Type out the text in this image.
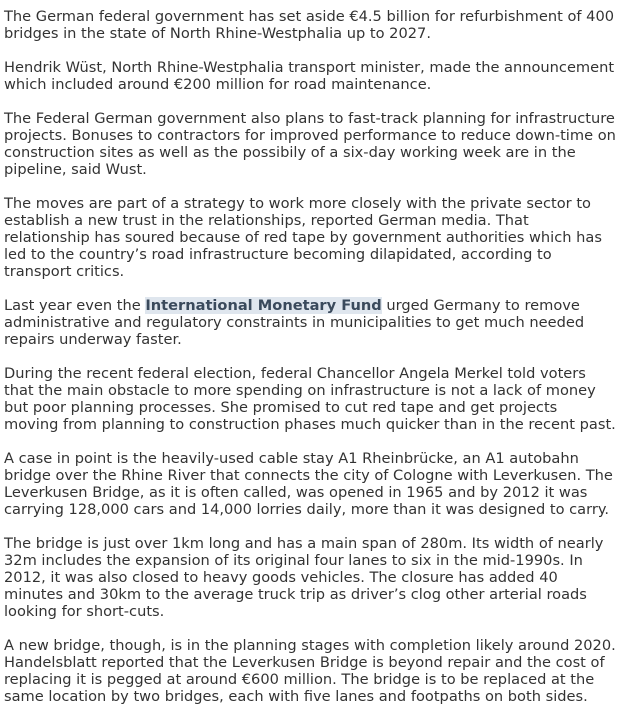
The German federal government has set aside €4.5 billion for refurbishment of 400 bridges in the state of North Rhine-Westphalia up to 2027.

Hendrik Wüst, North Rhine-Westphalia transport minister, made the announcement which included around €200 million for road maintenance.

The Federal German government also plans to fast-track planning for infrastructure projects. Bonuses to contractors for improved performance to reduce down-time on construction sites as well as the possibily of a six-day working week are in the pipeline, said Wust.

The moves are part of a strategy to work more closely with the private sector to establish a new trust in the relationships, reported German media. That relationship has soured because of red tape by government authorities which has led to the country’s road infrastructure becoming dilapidated, according to transport critics.

Last year even the International Monetary Fund urged Germany to remove administrative and regulatory constraints in municipalities to get much needed repairs underway faster.

During the recent federal election, federal Chancellor Angela Merkel told voters that the main obstacle to more spending on infrastructure is not a lack of money but poor planning processes. She promised to cut red tape and get projects moving from planning to construction phases much quicker than in the recent past.

A case in point is the heavily-used cable stay A1 Rheinbrücke, an A1 autobahn bridge over the Rhine River that connects the city of Cologne with Leverkusen. The Leverkusen Bridge, as it is often called, was opened in 1965 and by 2012 it was carrying 128,000 cars and 14,000 lorries daily, more than it was designed to carry.

The bridge is just over 1km long and has a main span of 280m. Its width of nearly 32m includes the expansion of its original four lanes to six in the mid-1990s. In 2012, it was also closed to heavy goods vehicles. The closure has added 40 minutes and 30km to the average truck trip as driver’s clog other arterial roads looking for short-cuts.

A new bridge, though, is in the planning stages with completion likely around 2020. Handelsblatt reported that the Leverkusen Bridge is beyond repair and the cost of replacing it is pegged at around €600 million. The bridge is to be replaced at the same location by two bridges, each with five lanes and footpaths on both sides.
